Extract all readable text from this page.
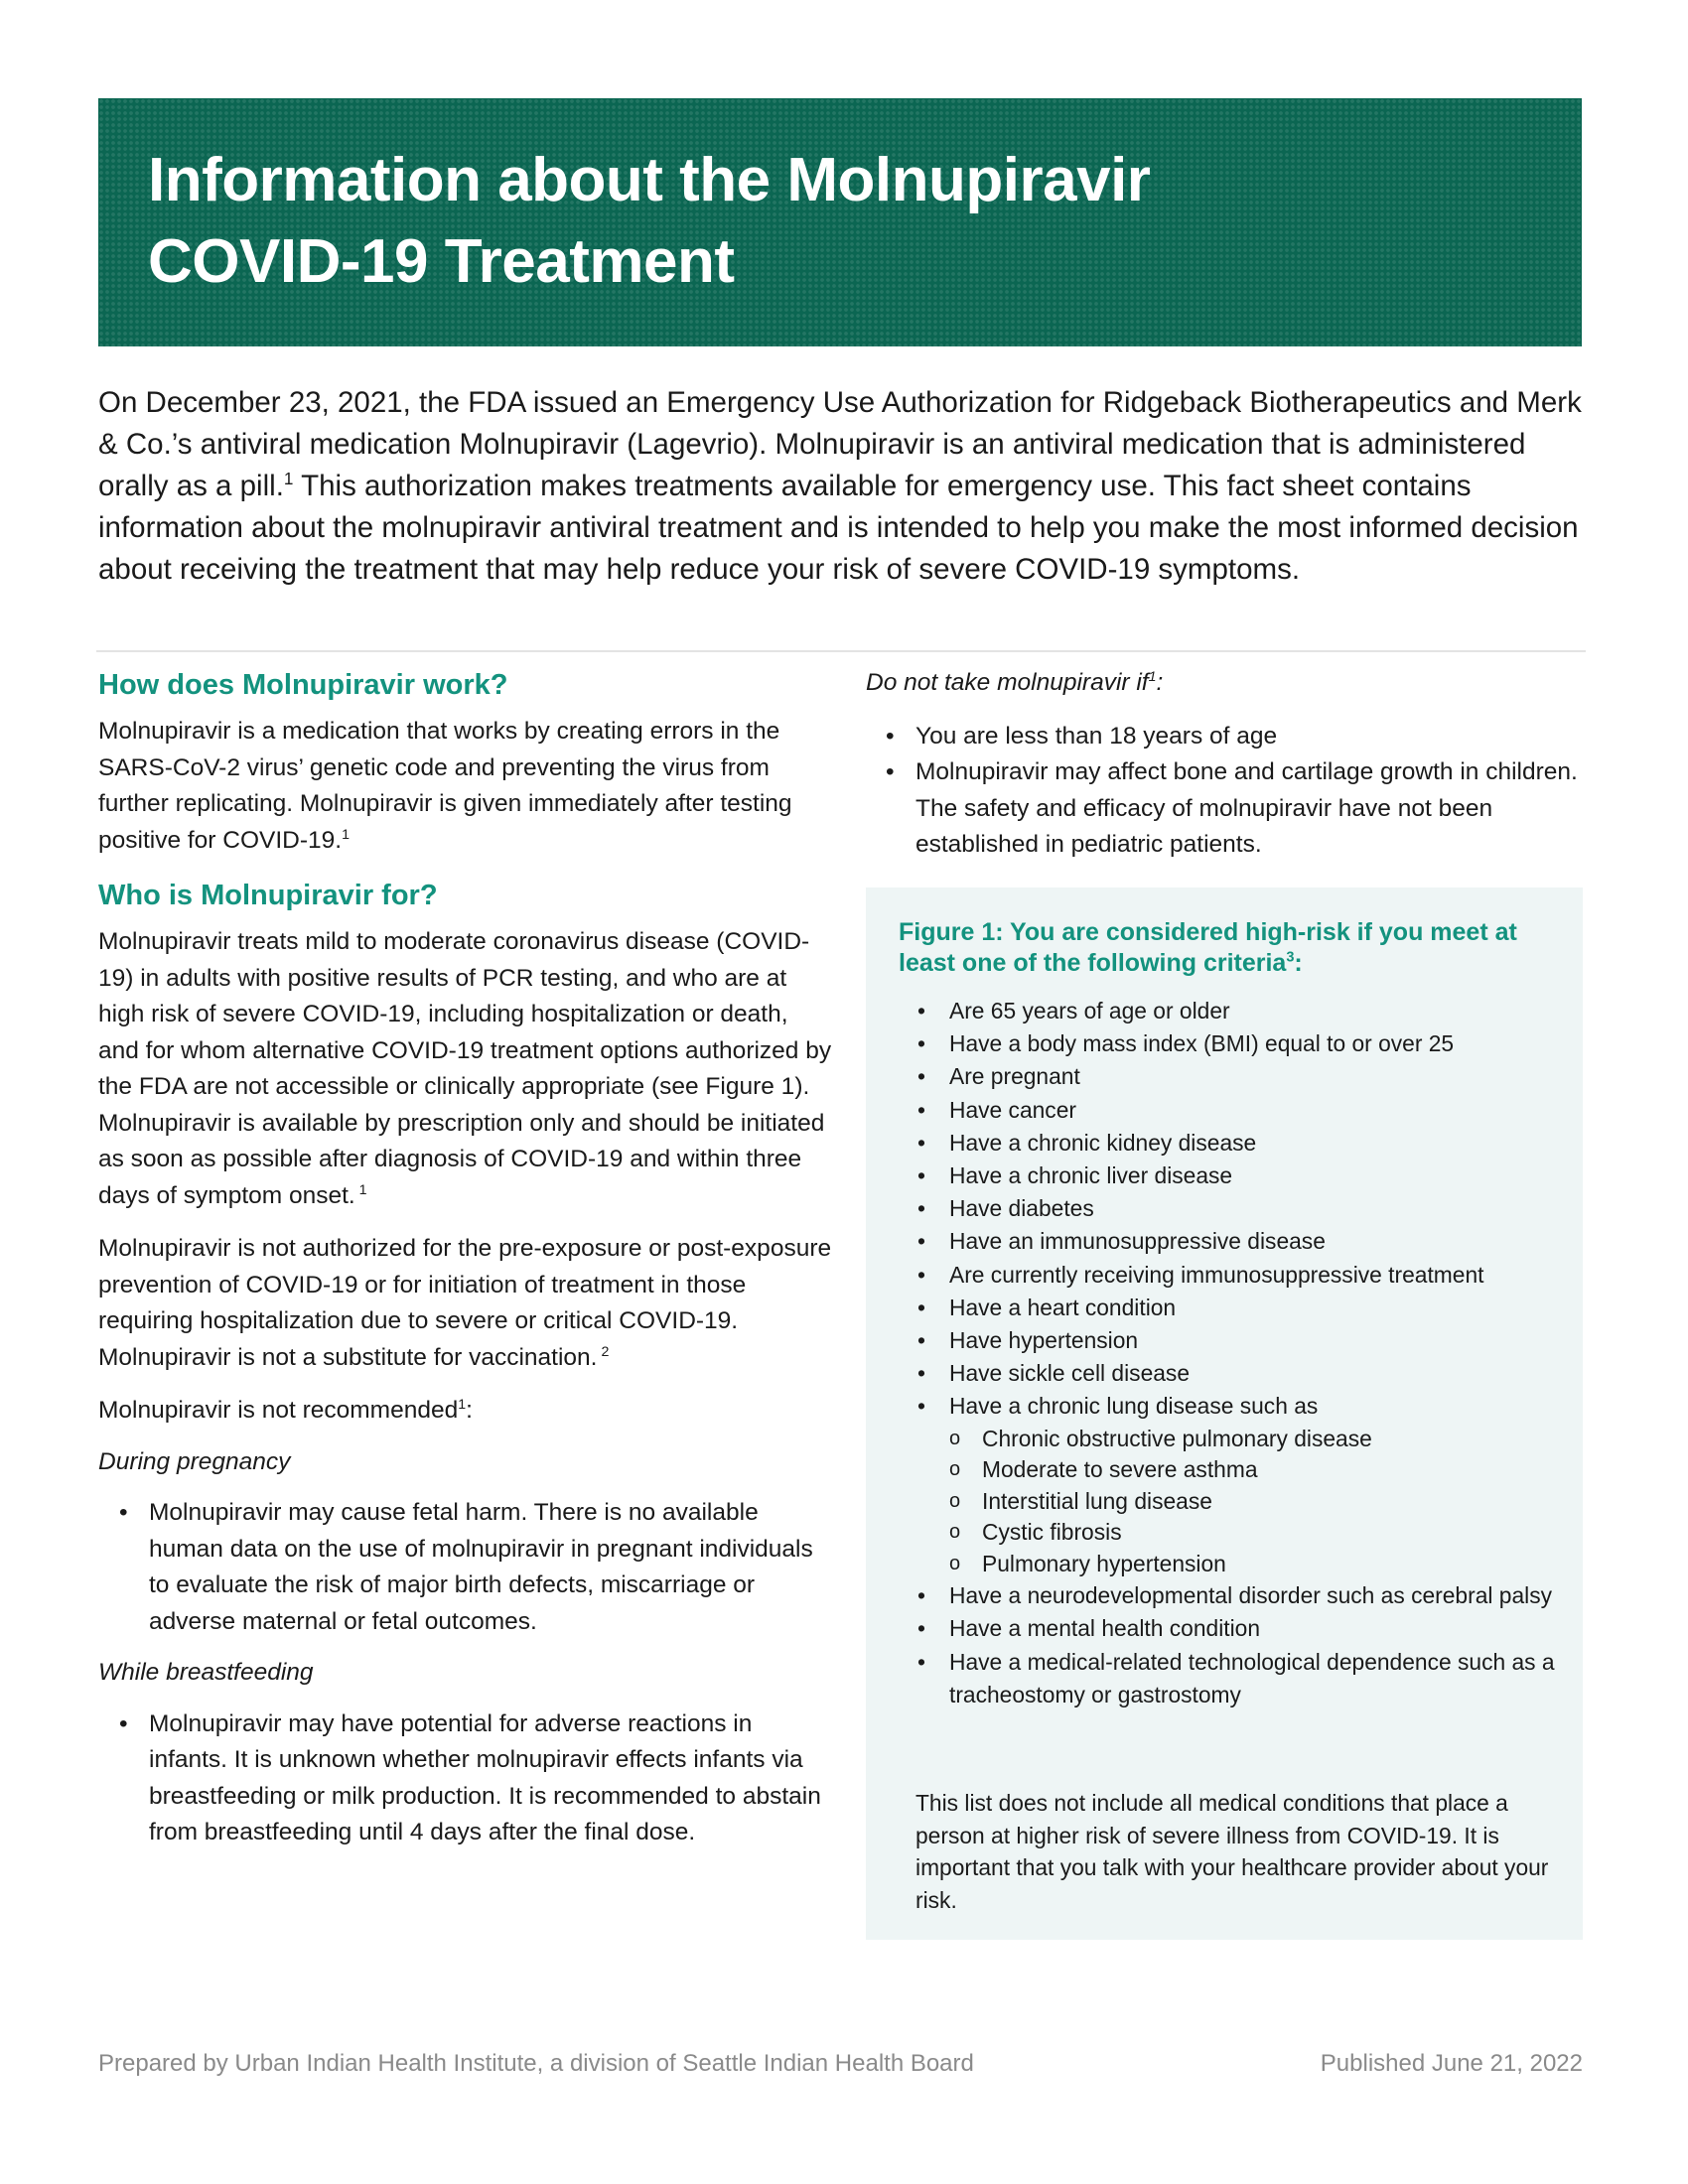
Information about the Molnupiravir
COVID-19 Treatment

On December 23, 2021, the FDA issued an Emergency Use Authorization for Ridgeback Biotherapeutics and Merk & Co.’s antiviral medication Molnupiravir (Lagevrio). Molnupiravir is an antiviral medication that is administered orally as a pill.$^1$ This authorization makes treatments available for emergency use. This fact sheet contains information about the molnupiravir antiviral treatment and is intended to help you make the most informed decision about receiving the treatment that may help reduce your risk of severe COVID-19 symptoms.

How does Molnupiravir work?

Molnupiravir is a medication that works by creating errors in the SARS-CoV-2 virus’ genetic code and preventing the virus from further replicating. Molnupiravir is given immediately after testing positive for COVID-19.$^1$

Who is Molnupiravir for?

Molnupiravir treats mild to moderate coronavirus disease (COVID-19) in adults with positive results of PCR testing, and who are at high risk of severe COVID-19, including hospitalization or death, and for whom alternative COVID-19 treatment options authorized by the FDA are not accessible or clinically appropriate (see Figure 1). Molnupiravir is available by prescription only and should be initiated as soon as possible after diagnosis of COVID-19 and within three days of symptom onset. $^1$

Molnupiravir is not authorized for the pre-exposure or post-exposure prevention of COVID-19 or for initiation of treatment in those requiring hospitalization due to severe or critical COVID-19. Molnupiravir is not a substitute for vaccination. $^2$

Molnupiravir is not recommended$^1$:

During pregnancy

• Molnupiravir may cause fetal harm. There is no available human data on the use of molnupiravir in pregnant individuals to evaluate the risk of major birth defects, miscarriage or adverse maternal or fetal outcomes.

While breastfeeding

• Molnupiravir may have potential for adverse reactions in infants. It is unknown whether molnupiravir effects infants via breastfeeding or milk production. It is recommended to abstain from breastfeeding until 4 days after the final dose.

Do not take molnupiravir $if^1$:

• You are less than 18 years of age
• Molnupiravir may affect bone and cartilage growth in children. The safety and efficacy of molnupiravir have not been established in pediatric patients.

Figure 1: You are considered high-risk if you meet at least one of the following criteria$^3$:

• Are 65 years of age or older
• Have a body mass index (BMI) equal to or over 25
• Are pregnant
• Have cancer
• Have a chronic kidney disease
• Have a chronic liver disease
• Have diabetes
• Have an immunosuppressive disease
• Are currently receiving immunosuppressive treatment
• Have a heart condition
• Have hypertension
• Have sickle cell disease
• Have a chronic lung disease such as
o Chronic obstructive pulmonary disease
o Moderate to severe asthma
o Interstitial lung disease
o Cystic fibrosis
o Pulmonary hypertension
• Have a neurodevelopmental disorder such as cerebral palsy
• Have a mental health condition
• Have a medical-related technological dependence such as a tracheostomy or gastrostomy

This list does not include all medical conditions that place a person at higher risk of severe illness from COVID-19. It is important that you talk with your healthcare provider about your risk.

Prepared by Urban Indian Health Institute, a division of Seattle Indian Health Board	Published June 21, 2022
